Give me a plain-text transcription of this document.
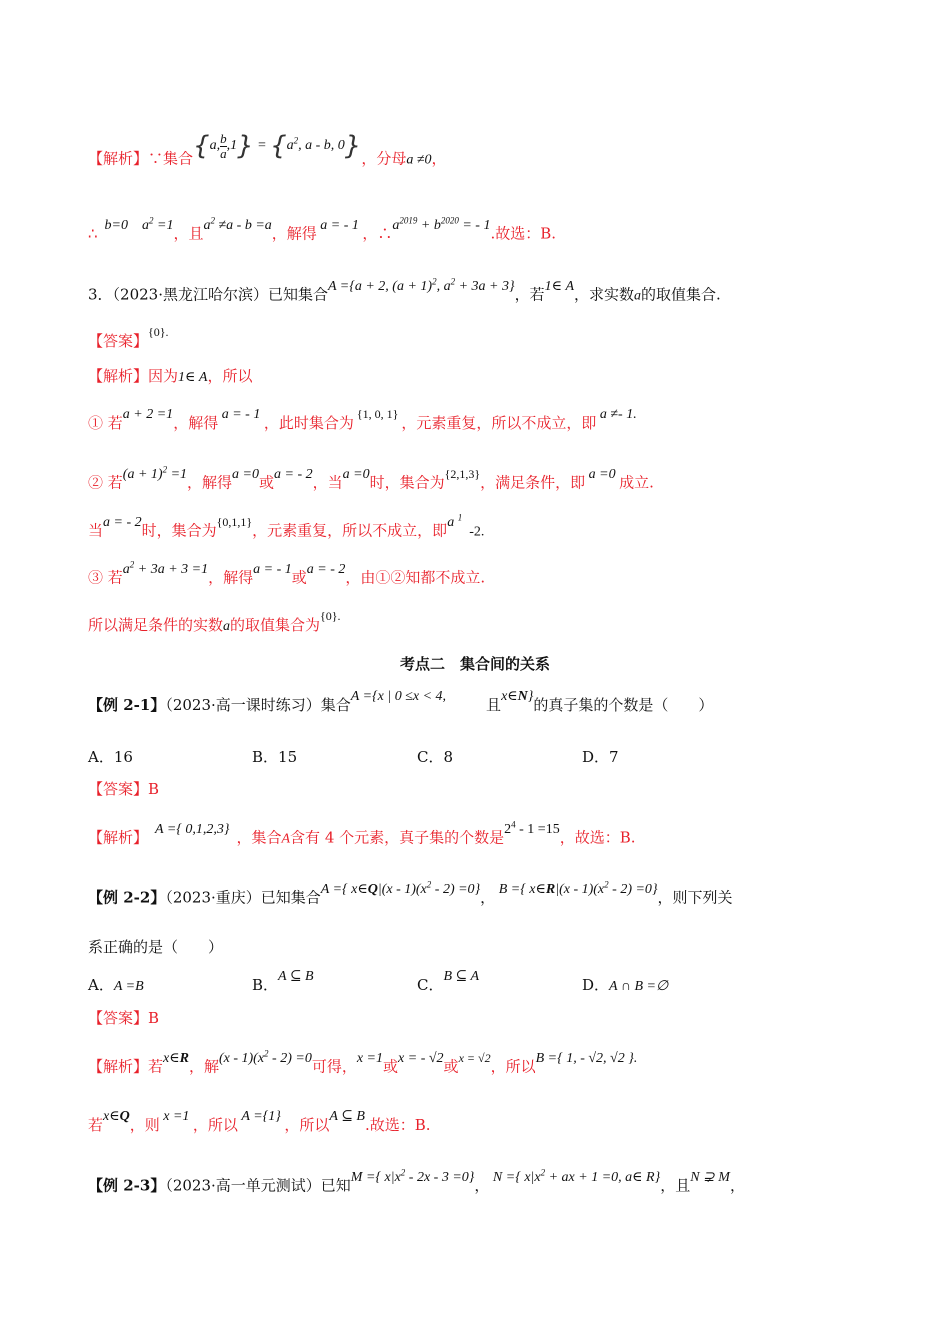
【解析】∵集合{a, $\frac{b}{a} ,1\} = \{a^2$, a - b, 0}，分母a ≠0，
∴  b=0    $a^2 =1$，且$a^2 \ne a - b =a$，解得 a = - 1 ，$\therefore a^{2019} + b^{2020}$ = - 1.故选：B.
3．（2023·黑龙江哈尔滨）已知集合A ={a + 2, $(a + 1)^2$, $a^2 + 3a + 3$}，若1∈ A，求实数a的取值集合.
【答案】$^{\{0\}.}$
【解析】因为1∈ A，所以
① 若a + 2 =1，解得 a = - 1 ，此时集合为 $^{\{1, 0, 1\}}$ ，元素重复，所以不成立，即 a ≠- 1.
② 若$(a + 1)^2 =1$，解得a =0或a = - 2，当a =0时，集合为$^{\{2,1,3\}}$，满足条件，即 a =0 成立.
当a = - 2时，集合为$^{\{0,1,1\}}$，元素重复，所以不成立，即a $^1$  -2.
③ 若$a^2 + 3a + 3 =1$，解得a = - 1或a = - 2，由①②知都不成立.
所以满足条件的实数a的取值集合为$^{\{0\}.}$
考点二　集合间的关系
【例 2-1】（2023·高一课时练习）集合A ={x | 0 ≤x < 4,	且x∈N}的真子集的个数是（　　）
A．16	B．15	C．8	D．7
【答案】B
【解析】  A ={ 0,1,2,3} ，集合A含有 4 个元素，真子集的个数是$2^4 - 1 =15$，故选：B.
【例 2-2】（2023·重庆）已知集合A ={ x∈Q|(x - $1)(x^2 - 2) =0$}， B ={ x∈R|(x - $1)(x^2 - 2) =0$}，则下列关
系正确的是（　　）
A．A =B	B．A ⊆ B	C．B ⊆ A	D．A ∩ B =∅
【答案】B
【解析】若x∈R，解$(x - 1)(x^2 - 2) =0$可得，x =1或x = - √2或$^{x = √2}$，所以B ={ 1, - √2, √2 }.
若x∈Q，则 x =1 ，所以 A ={1} ，所以A ⊆ B.故选：B.
【例 2-3】（2023·高一单元测试）已知M ={ $x|x^2 - 2x - 3 =0$}， N ={ $x|x^2$ + ax + 1 =0, a∈ R}，且N ⊋ M，
